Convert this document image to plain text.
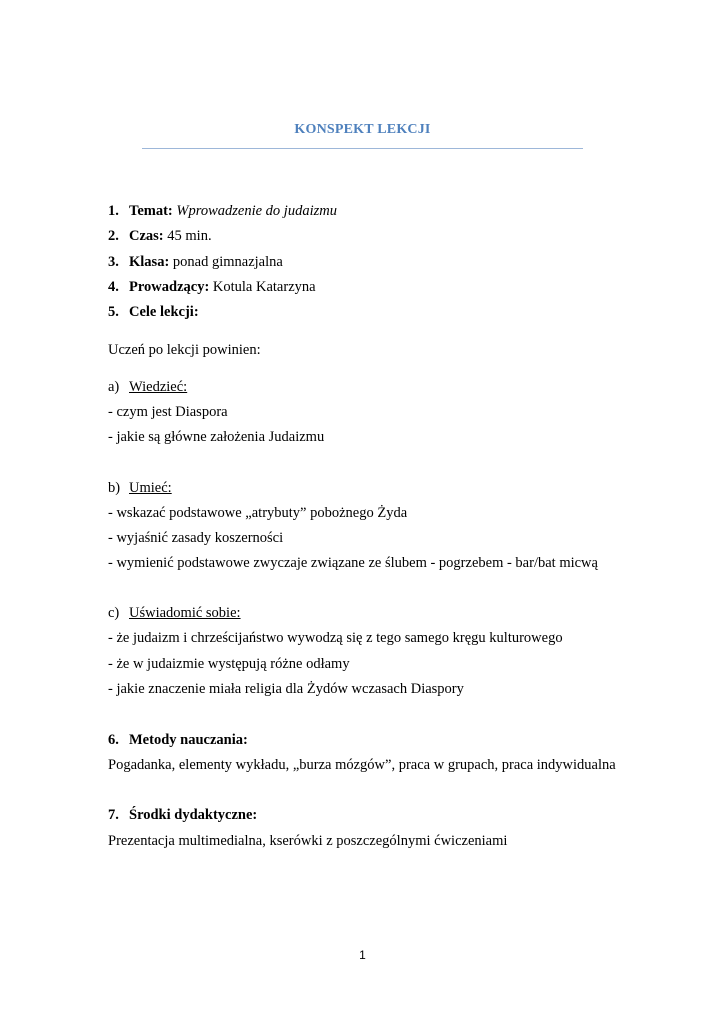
KONSPEKT LEKCJI
1. Temat: Wprowadzenie do judaizmu
2. Czas: 45 min.
3. Klasa: ponad gimnazjalna
4. Prowadzący: Kotula Katarzyna
5. Cele lekcji:
Uczeń po lekcji powinien:
a) Wiedzieć:
- czym jest Diaspora
- jakie są główne założenia Judaizmu
b) Umieć:
- wskazać podstawowe „atrybuty” pobożnego Żyda
- wyjaśnić zasady koszerności
- wymienić podstawowe zwyczaje związane ze ślubem - pogrzebem - bar/bat micwą
c) Uświadomić sobie:
- że judaizm i chrześcijaństwo wywodzą się z tego samego kręgu kulturowego
- że w judaizmie występują różne odłamy
- jakie znaczenie miała religia dla Żydów wczasach Diaspory
6. Metody nauczania:
Pogadanka, elementy wykładu, „burza mózgów”, praca w grupach, praca indywidualna
7. Środki dydaktyczne:
Prezentacja multimedialna, kserówki z poszczególnymi ćwiczeniami
1
